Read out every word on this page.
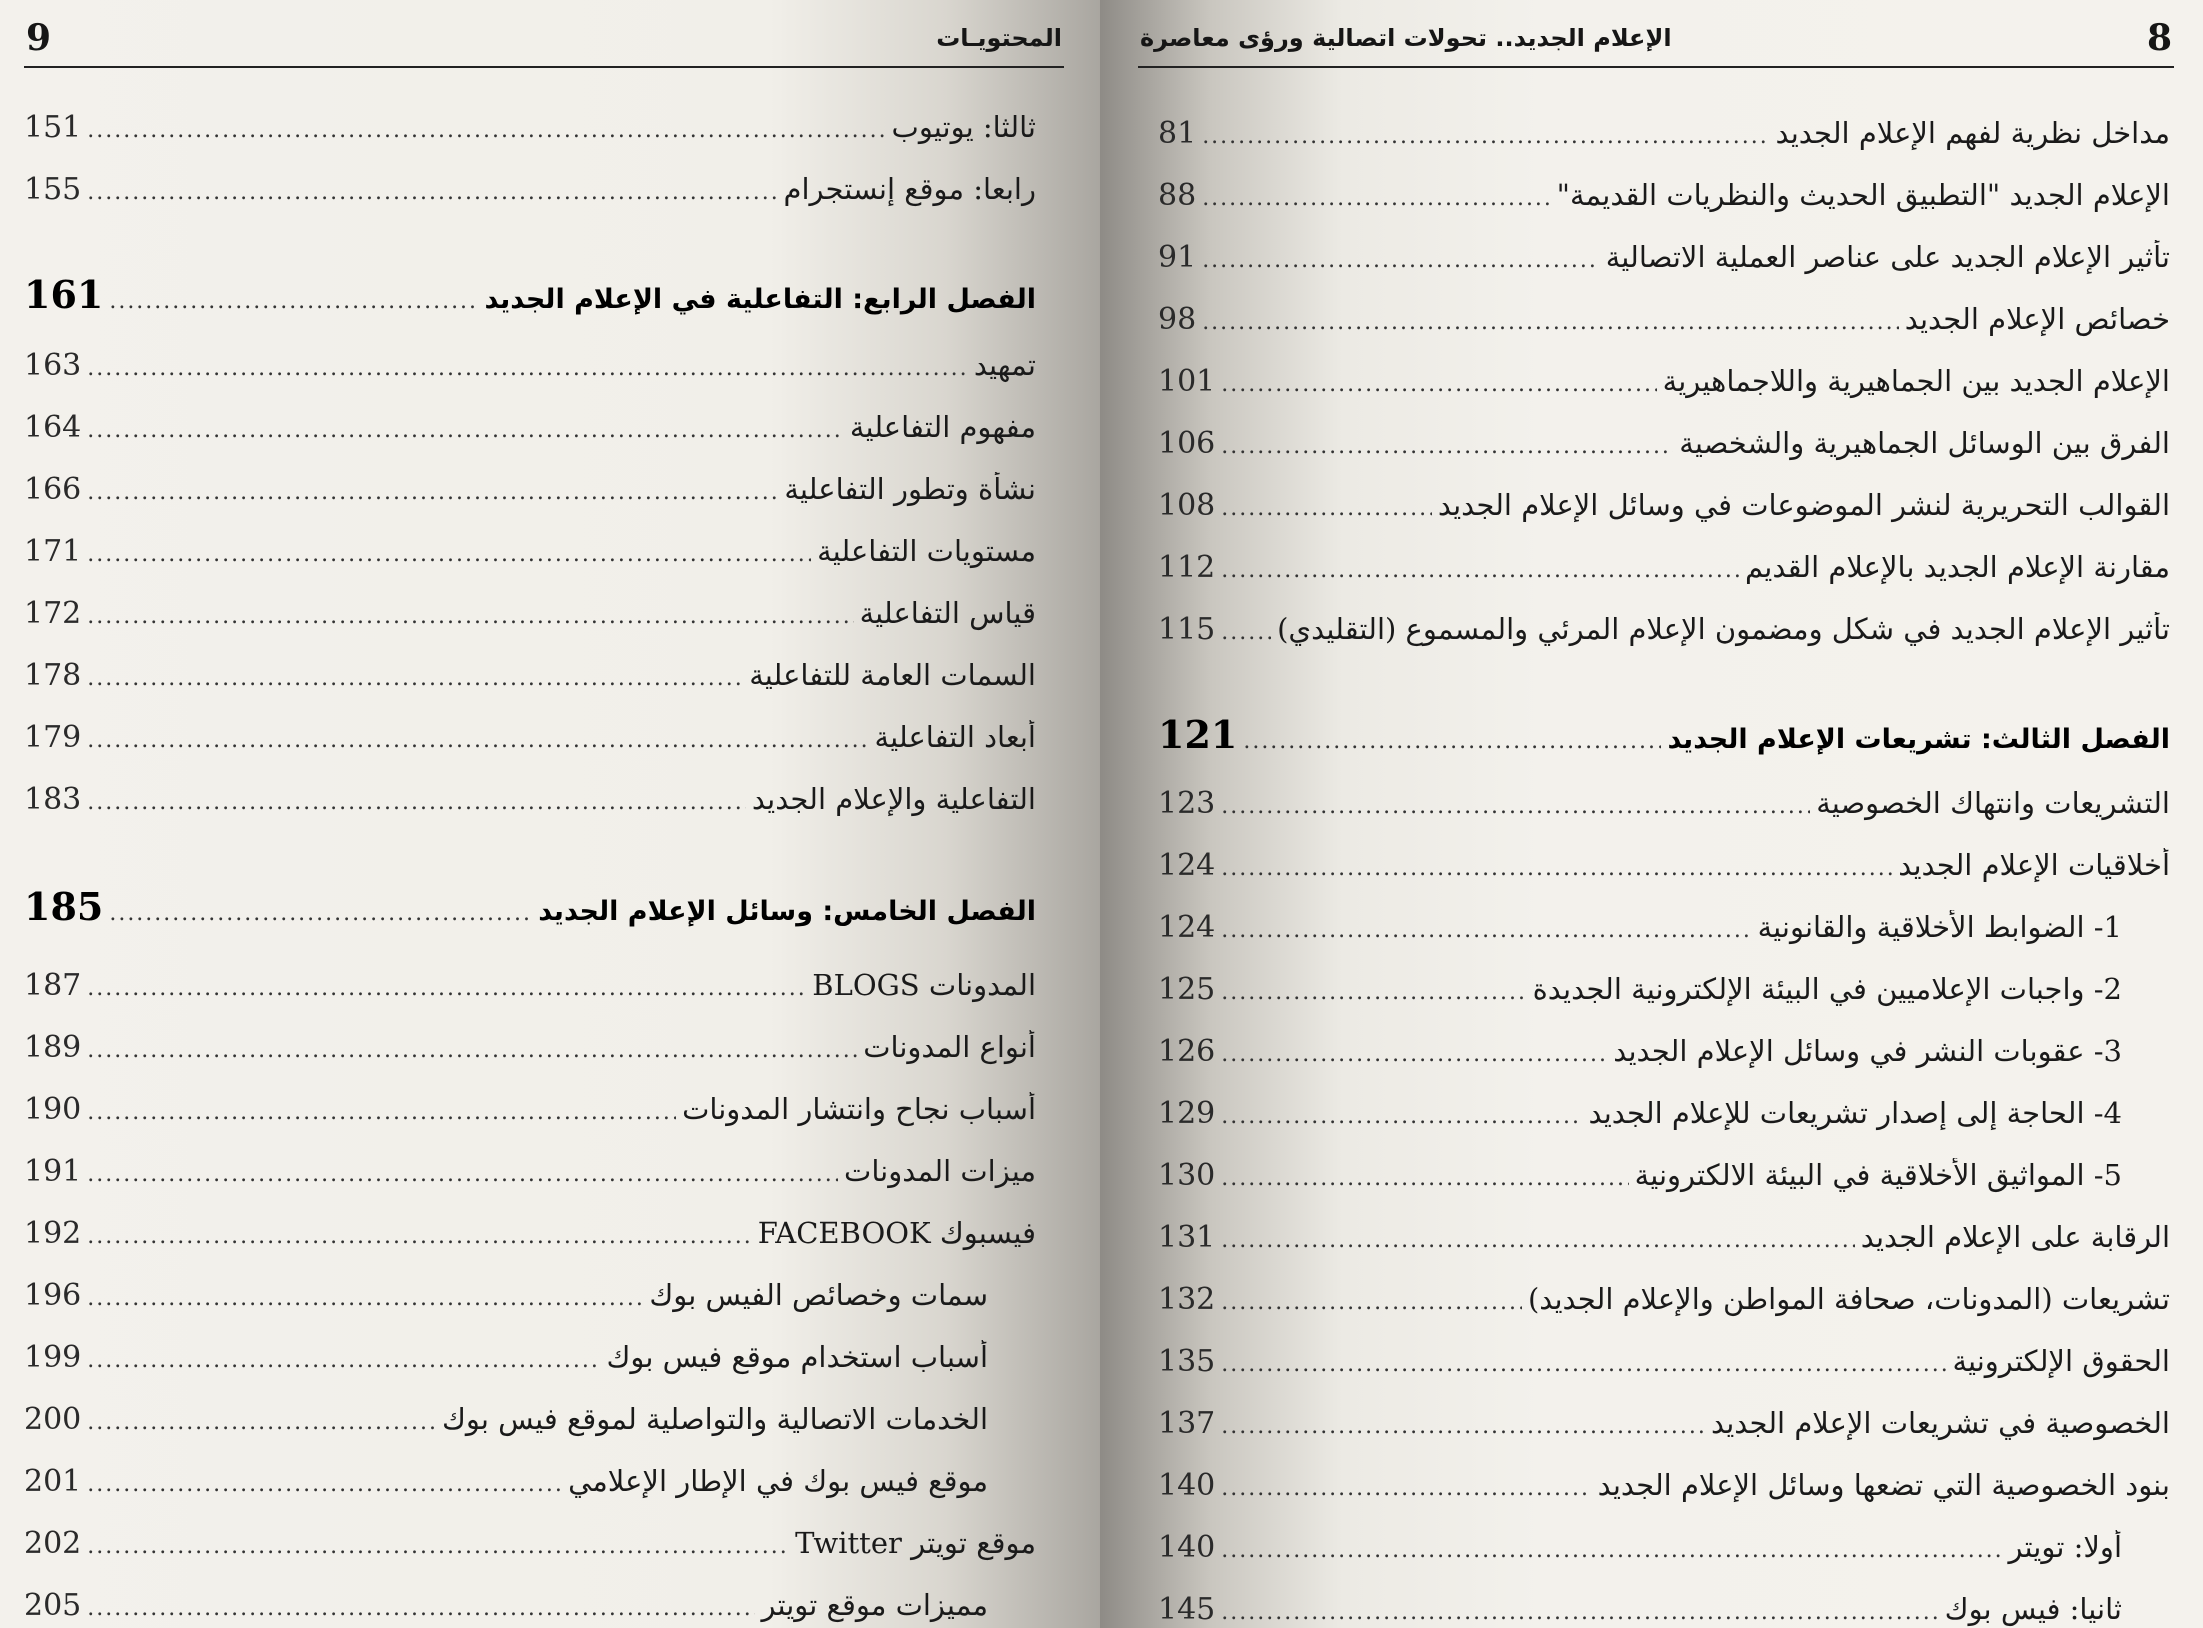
9	المحتويـات
151 .....	ثالثا: يوتيوب
155 .....	رابعا: موقع إنستجرام
161 .....	الفصل الرابع: التفاعلية في الإعلام الجديد
163 .....	تمهيد
164 .....	مفهوم التفاعلية
166 .....	نشأة وتطور التفاعلية
171 .....	مستويات التفاعلية
172 .....	قياس التفاعلية
178 .....	السمات العامة للتفاعلية
179 .....	أبعاد التفاعلية
183 .....	التفاعلية والإعلام الجديد
185 .....	الفصل الخامس: وسائل الإعلام الجديد
187 .....	المدونات BLOGS
189 .....	أنواع المدونات
190 .....	أسباب نجاح وانتشار المدونات
191 .....	ميزات المدونات
192 .....	فيسبوك FACEBOOK
196 .....	سمات وخصائص الفيس بوك
199 .....	أسباب استخدام موقع فيس بوك
200 .....	الخدمات الاتصالية والتواصلية لموقع فيس بوك
201 .....	موقع فيس بوك في الإطار الإعلامي
202 .....	موقع تويتر Twitter
205 .....	مميزات موقع تويتر
الإعلام الجديد.. تحولات اتصالية ورؤى معاصرة	8
81 .....	مداخل نظرية لفهم الإعلام الجديد
88 .....	الإعلام الجديد "التطبيق الحديث والنظريات القديمة"
91 .....	تأثير الإعلام الجديد على عناصر العملية الاتصالية
98 .....	خصائص الإعلام الجديد
101 .....	الإعلام الجديد بين الجماهيرية واللاجماهيرية
106 .....	الفرق بين الوسائل الجماهيرية والشخصية
108 .....	القوالب التحريرية لنشر الموضوعات في وسائل الإعلام الجديد
112 .....	مقارنة الإعلام الجديد بالإعلام القديم
115 ..... تأثير الإعلام الجديد في شكل ومضمون الإعلام المرئي والمسموع (التقليدي)
121 .....	الفصل الثالث: تشريعات الإعلام الجديد
123 .....	التشريعات وانتهاك الخصوصية
124 .....	أخلاقيات الإعلام الجديد
124 .....	1- الضوابط الأخلاقية والقانونية
125 .....	2- واجبات الإعلاميين في البيئة الإلكترونية الجديدة
126 .....	3- عقوبات النشر في وسائل الإعلام الجديد
129 .....	4- الحاجة إلى إصدار تشريعات للإعلام الجديد
130 .....	5- المواثيق الأخلاقية في البيئة الالكترونية
131 .....	الرقابة على الإعلام الجديد
132 .....	تشريعات (المدونات، صحافة المواطن والإعلام الجديد)
135 .....	الحقوق الإلكترونية
137 .....	الخصوصية في تشريعات الإعلام الجديد
140 .....	بنود الخصوصية التي تضعها وسائل الإعلام الجديد
140 .....	أولا: تويتر
145 .....	ثانيا: فيس بوك
